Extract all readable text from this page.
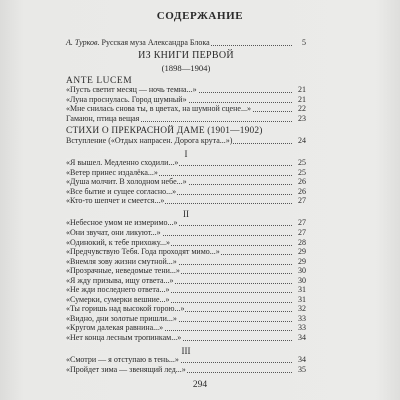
СОДЕРЖАНИЕ
А. Турков. Русская муза Александра Блока	5
ИЗ КНИГИ ПЕРВОЙ
(1898—1904)
ANTE LUCEM
«Пусть светит месяц — ночь темна...»	21
«Луна проснулась. Город шумный»	21
«Мне снилась снова ты, в цветах, на шумной сцене...»	22
Гамаюн, птица вещая	23
СТИХИ О ПРЕКРАСНОЙ ДАМЕ (1901—1902)
Вступление («Отдых напрасен. Дорога крута...»)	24
I
«Я вышел. Медленно сходили...»	25
«Ветер принес издалёка...»	25
«Душа молчит. В холодном небе...»	26
«Все бытие и сущее согласно...»	26
«Кто-то шепчет и смеется...»	27
II
«Небесное умом не измеримо...»	27
«Они звучат, они ликуют...»	27
«Одинокий, к тебе прихожу...»	28
«Предчувствую Тебя. Года проходят мимо...»	29
«Внемля зову жизни смутной...»	29
«Прозрачные, неведомые тени...»	30
«Я жду призыва, ищу ответа...»	30
«Не жди последнего ответа...»	31
«Сумерки, сумерки вешние...»	31
«Ты горишь над высокой горою...»	32
«Видно, дни золотые пришли...»	33
«Кругом далекая равнина...»	33
«Нет конца лесным тропинкам...»	34
III
«Смотри — я отступаю в тень...»	34
«Пройдет зима — звенящий лед...»	35
294
